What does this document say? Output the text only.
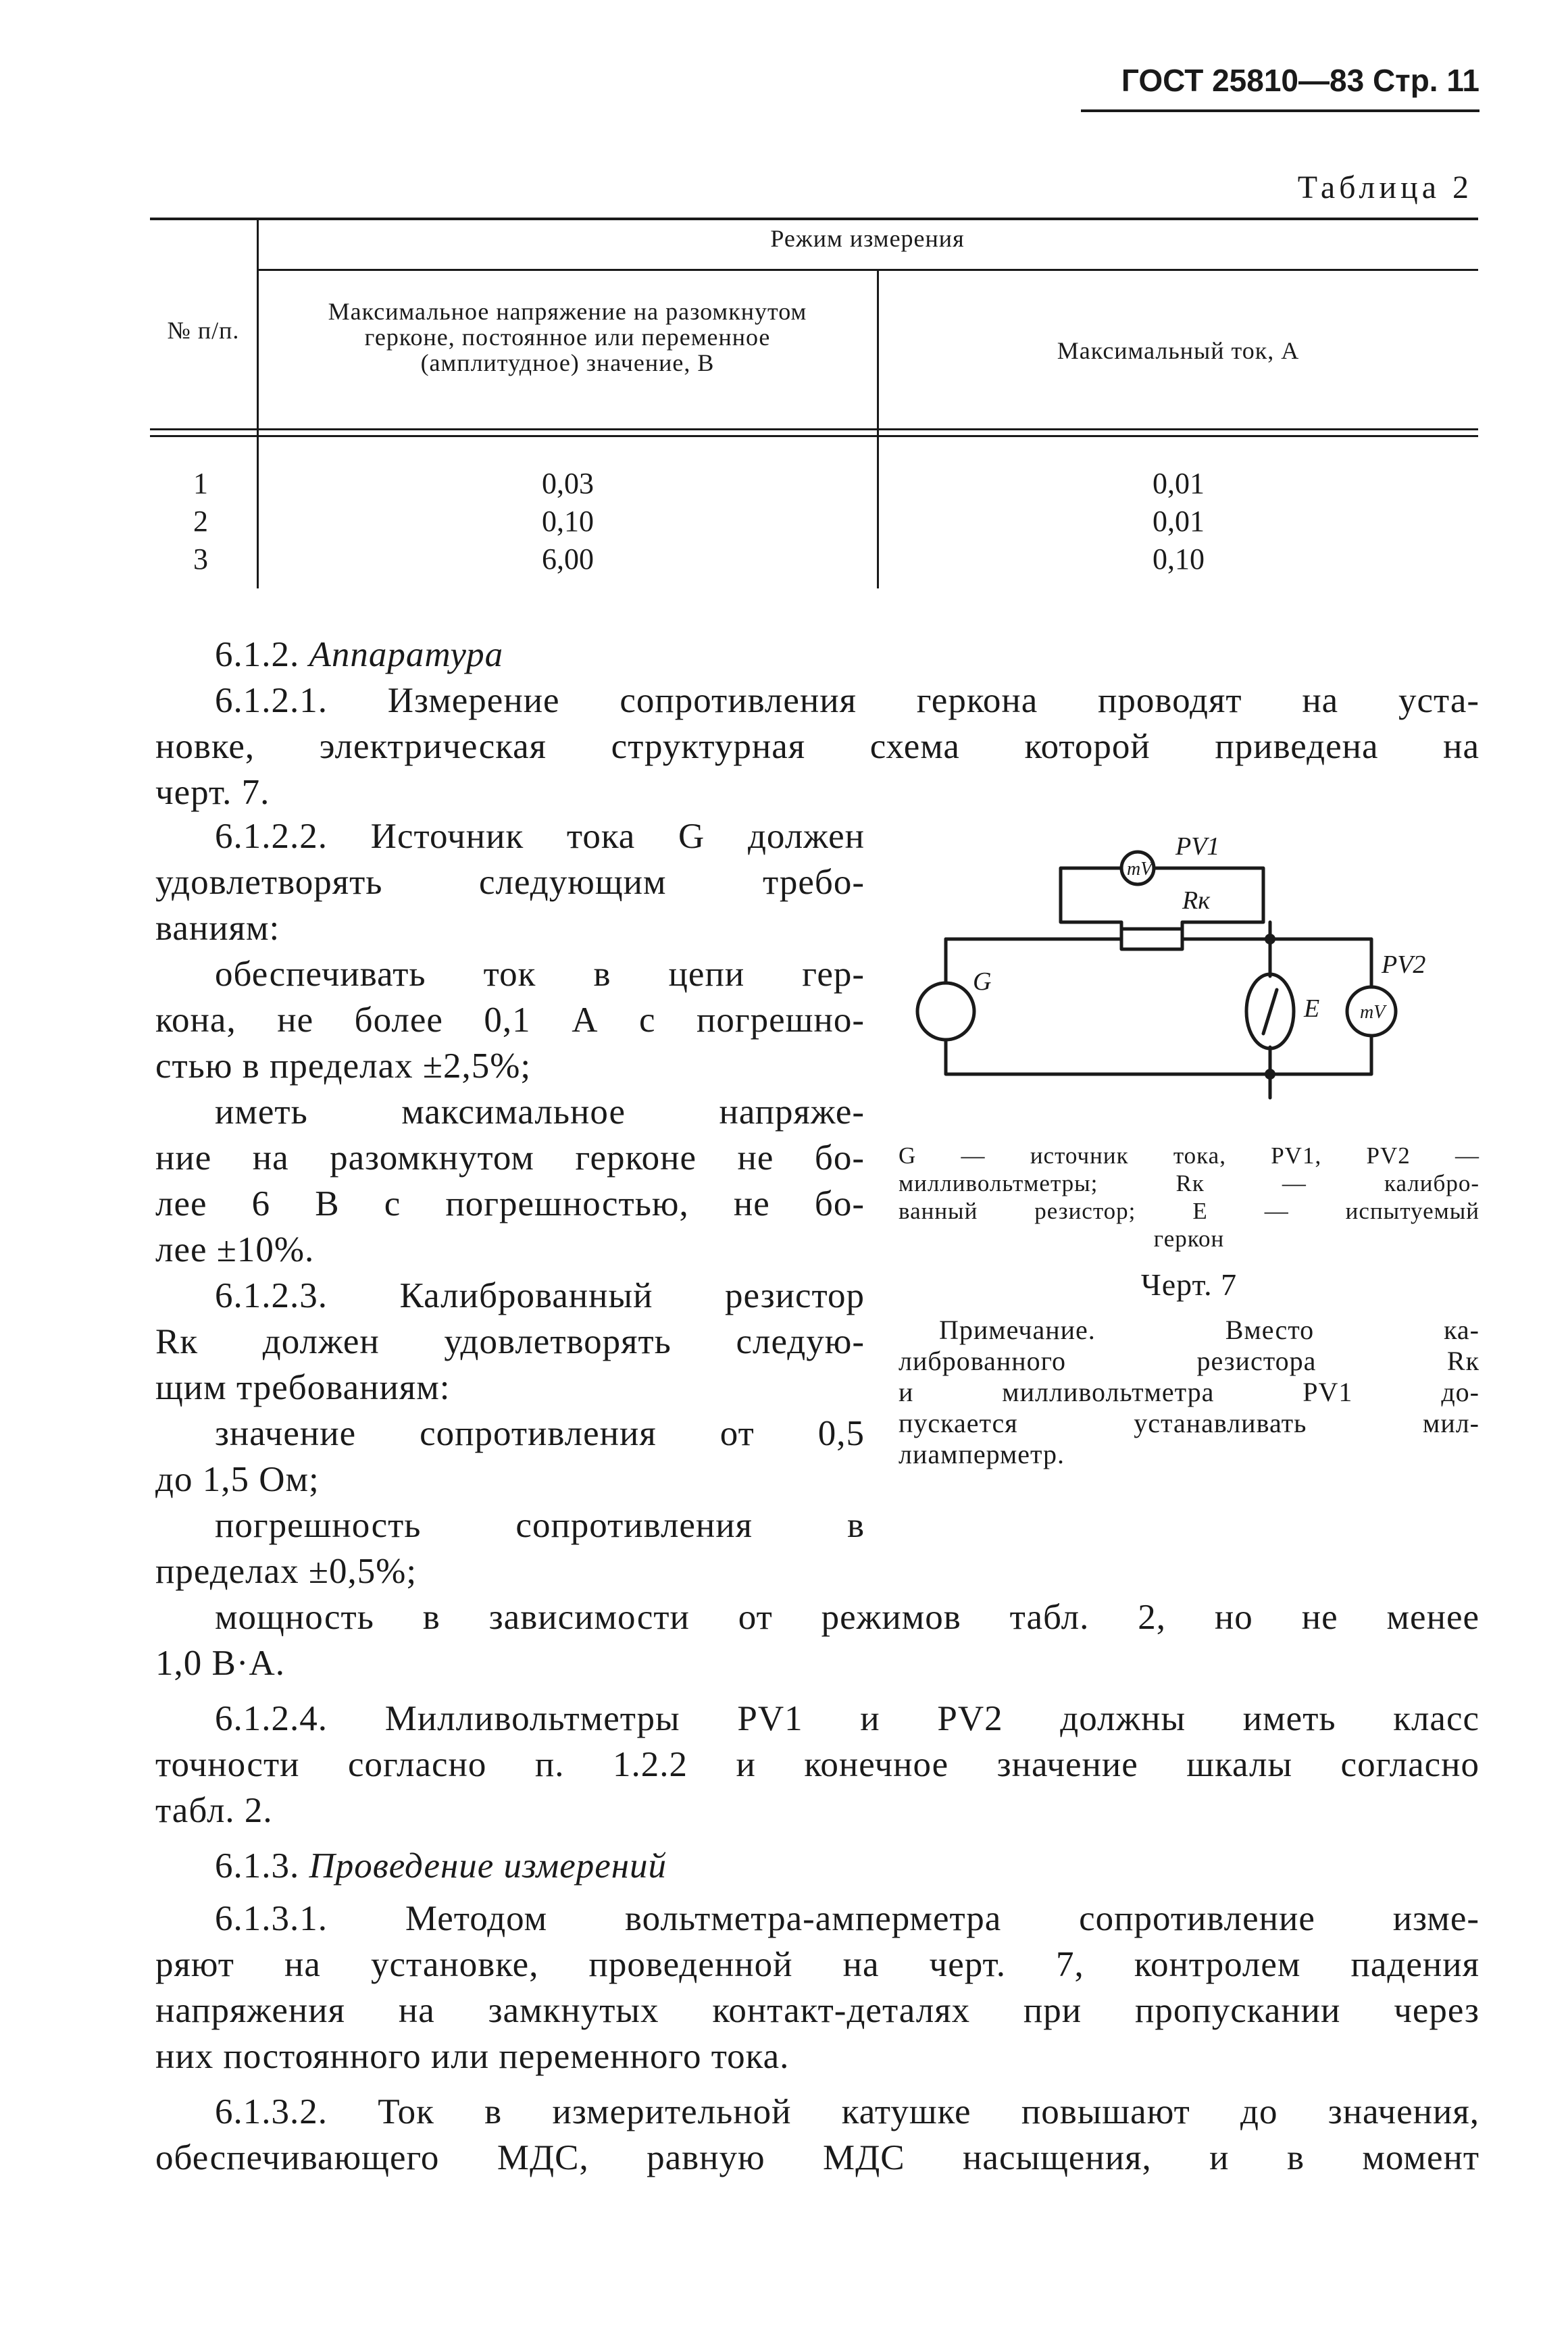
ГОСТ 25810—83 Стр. 11
Таблица 2
Режим измерения
№ п/п.
Максимальное напряжение на разомкнутом герконе, постоянное или переменное (амплитудное) значение, В	Максимальный ток, А
1
2
3
0,03
0,10
6,00
0,01
0,01
0,10
6.1.2. Аппаратура
6.1.2.1. Измерение сопротивления геркона проводят на уста-
новке, электрическая структурная схема которой приведена на
черт. 7.
6.1.2.2. Источник тока G должен
удовлетворять следующим требо-
ваниям:
обеспечивать ток в цепи гер-
кона, не более 0,1 А с погрешно-
стью в пределах ±2,5%;
иметь максимальное напряже-
ние на разомкнутом герконе не бо-
лее 6 В с погрешностью, не бо-
лее ±10%.
6.1.2.3. Калиброванный резистор
Rк должен удовлетворять следую-
щим требованиям:
значение сопротивления от 0,5
до 1,5 Ом;
погрешность сопротивления в
пределах ±0,5%;
mV
mV
PV1
Rк
PV2
G
E
G — источник тока, PV1, PV2 —
милливольтметры; Rк — калибро-
ванный резистор; E — испытуемый
геркон
Черт. 7
Примечание. Вместо ка-
либрованного резистора Rк
и милливольтметра PV1 до-
пускается устанавливать мил-
лиамперметр.
мощность в зависимости от режимов табл. 2, но не менее
1,0 В·А.
6.1.2.4. Милливольтметры PV1 и PV2 должны иметь класс
точности согласно п. 1.2.2 и конечное значение шкалы согласно
табл. 2.
6.1.3. Проведение измерений
6.1.3.1. Методом вольтметра-амперметра сопротивление изме-
ряют на установке, проведенной на черт. 7, контролем падения
напряжения на замкнутых контакт-деталях при пропускании через
них постоянного или переменного тока.
6.1.3.2. Ток в измерительной катушке повышают до значения,
обеспечивающего МДС, равную МДС насыщения, и в момент
